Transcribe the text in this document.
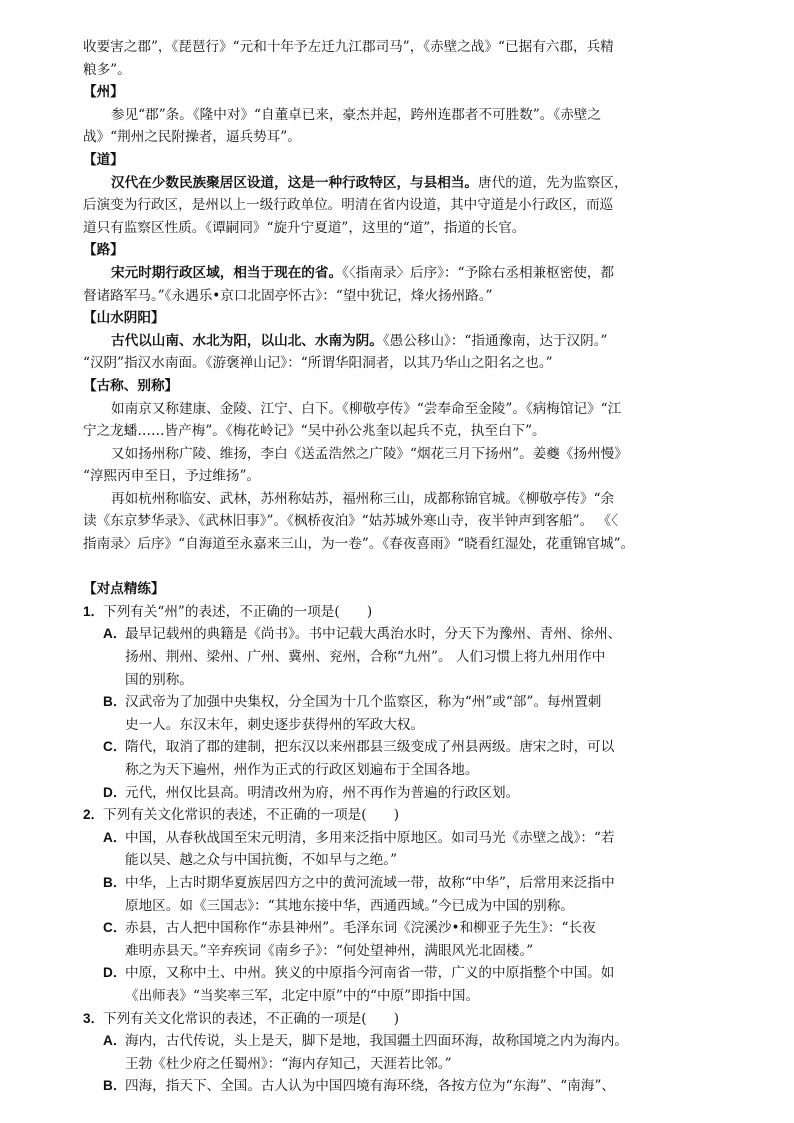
收要害之郡”，《琵琶行》“元和十年予左迁九江郡司马”，《赤壁之战》“已据有六郡，兵精
粮多”。
【州】
参见“郡”条。《隆中对》“自董卓已来，豪杰并起，跨州连郡者不可胜数”。《赤壁之
战》“荆州之民附操者，逼兵势耳”。
【道】
汉代在少数民族聚居区设道，这是一种行政特区，与县相当。唐代的道，先为监察区，
后演变为行政区，是州以上一级行政单位。明清在省内设道，其中守道是小行政区，而巡
道只有监察区性质。《谭嗣同》“旋升宁夏道”，这里的“道”，指道的长官。
【路】
宋元时期行政区域，相当于现在的省。《〈指南录〉后序》：“予除右丞相兼枢密使，都
督诸路军马。”《永遇乐•京口北固亭怀古》：“望中犹记，烽火扬州路。”
【山水阴阳】
古代以山南、水北为阳，以山北、水南为阴。《愚公移山》：“指通豫南，达于汉阴。”
“汉阴”指汉水南面。《游褒禅山记》：“所谓华阳洞者，以其乃华山之阳名之也。”
【古称、别称】
如南京又称建康、金陵、江宁、白下。《柳敬亭传》“尝奉命至金陵”。《病梅馆记》“江
宁之龙蟠……皆产梅”。《梅花岭记》“吴中孙公兆奎以起兵不克，执至白下”。
又如扬州称广陵、维扬，李白《送孟浩然之广陵》“烟花三月下扬州”。姜夔《扬州慢》
“淳熙丙申至日，予过维扬”。
再如杭州称临安、武林，苏州称姑苏，福州称三山，成都称锦官城。《柳敬亭传》“余
读《东京梦华录》、《武林旧事》”。《枫桥夜泊》“姑苏城外寒山寺，夜半钟声到客船”。 《〈
指南录〉后序》“自海道至永嘉来三山，为一卷”。《春夜喜雨》“晓看红湿处，花重锦官城”。
【对点精练】
1．下列有关“州”的表述，不正确的一项是(　　)
A．最早记载州的典籍是《尚书》。书中记载大禹治水时，分天下为豫州、青州、徐州、
扬州、荆州、梁州、广州、冀州、兖州，合称“九州”。 人们习惯上将九州用作中
国的别称。
B．汉武帝为了加强中央集权，分全国为十几个监察区，称为“州”或“部”。每州置刺
史一人。东汉末年，刺史逐步获得州的军政大权。
C．隋代，取消了郡的建制，把东汉以来州郡县三级变成了州县两级。唐宋之时，可以
称之为天下遍州，州作为正式的行政区划遍布于全国各地。
D．元代，州仅比县高。明清改州为府，州不再作为普遍的行政区划。
2．下列有关文化常识的表述，不正确的一项是(　　)
A．中国，从春秋战国至宋元明清，多用来泛指中原地区。如司马光《赤壁之战》：“若
能以吴、越之众与中国抗衡，不如早与之绝。”
B．中华，上古时期华夏族居四方之中的黄河流域一带，故称“中华”，后常用来泛指中
原地区。如《三国志》：“其地东接中华，西通西域。”今已成为中国的别称。
C．赤县，古人把中国称作“赤县神州”。毛泽东词《浣溪沙•和柳亚子先生》：“长夜
难明赤县天。”辛弃疾词《南乡子》：“何处望神州，满眼风光北固楼。”
D．中原，又称中土、中州。狭义的中原指今河南省一带，广义的中原指整个中国。如
《出师表》“当奖率三军，北定中原”中的“中原”即指中国。
3．下列有关文化常识的表述，不正确的一项是(　　)
A．海内，古代传说，头上是天，脚下是地，我国疆土四面环海，故称国境之内为海内。
王勃《杜少府之任蜀州》：“海内存知己，天涯若比邻。”
B．四海，指天下、全国。古人认为中国四境有海环绕，各按方位为“东海”、“南海”、
